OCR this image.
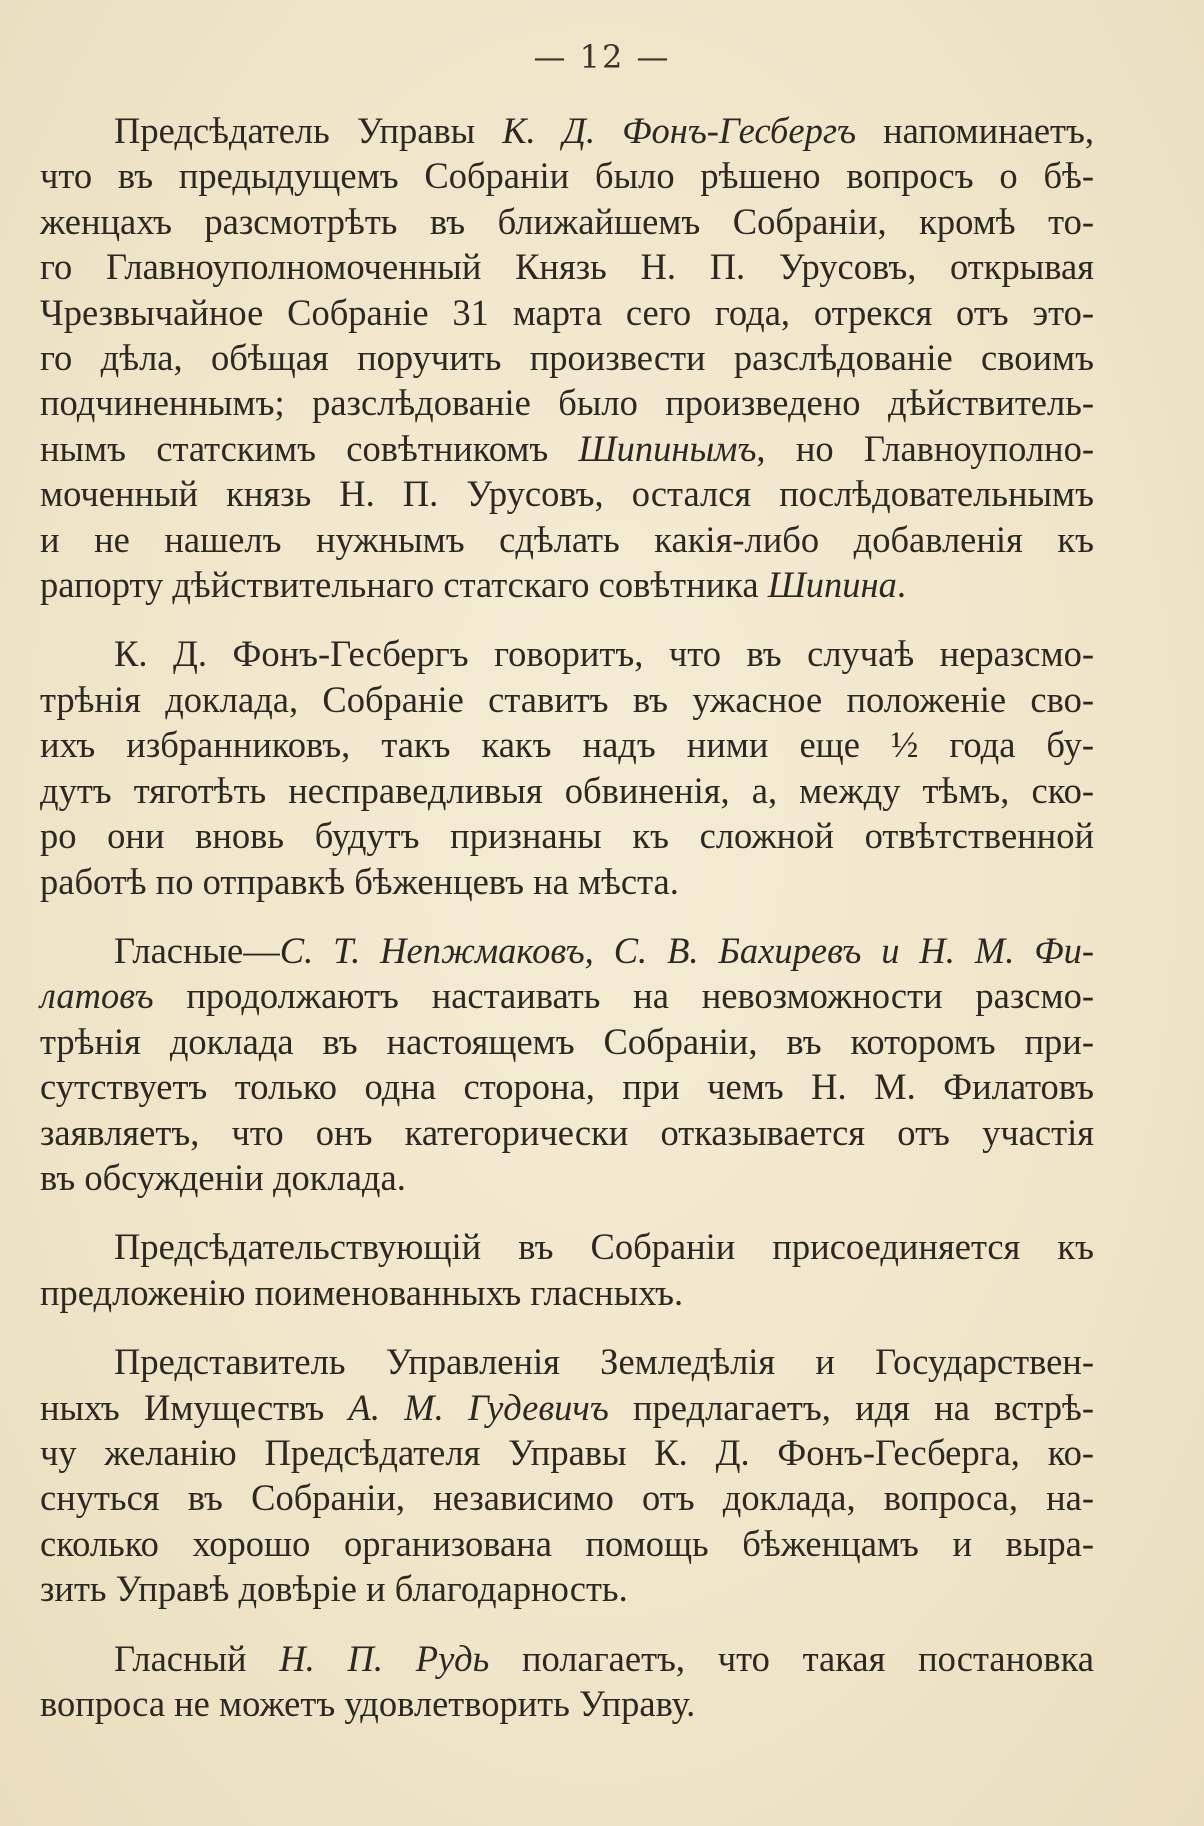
— 12 —

Предсѣдатель Управы К. Д. Фонъ-Гесбергъ напоминаетъ,
что въ предыдущемъ Собраніи было рѣшено вопросъ о бѣ-
женцахъ разсмотрѣть въ ближайшемъ Собраніи, кромѣ то-
го Главноуполномоченный Князь Н. П. Урусовъ, открывая
Чрезвычайное Собраніе 31 марта сего года, отрекся отъ это-
го дѣла, обѣщая поручить произвести разслѣдованіе своимъ
подчиненнымъ; разслѣдованіе было произведено дѣйствитель-
нымъ статскимъ совѣтникомъ Шипинымъ, но Главноуполно-
моченный князь Н. П. Урусовъ, остался послѣдовательнымъ
и не нашелъ нужнымъ сдѣлать какія-либо добавленія къ
рапорту дѣйствительнаго статскаго совѣтника Шипина.

К. Д. Фонъ-Гесбергъ говоритъ, что въ случаѣ неразсмо-
трѣнія доклада, Собраніе ставитъ въ ужасное положеніе сво-
ихъ избранниковъ, такъ какъ надъ ними еще ½ года бу-
дутъ тяготѣть несправедливыя обвиненія, а, между тѣмъ, ско-
ро они вновь будутъ признаны къ сложной отвѣтственной
работѣ по отправкѣ бѣженцевъ на мѣста.

Гласные—С. Т. Непжмаковъ, С. В. Бахиревъ и Н. М. Фи-
латовъ продолжаютъ настаивать на невозможности разсмо-
трѣнія доклада въ настоящемъ Собраніи, въ которомъ при-
сутствуетъ только одна сторона, при чемъ Н. М. Филатовъ
заявляетъ, что онъ категорически отказывается отъ участія
въ обсужденіи доклада.

Предсѣдательствующій въ Собраніи присоединяется къ
предложенію поименованныхъ гласныхъ.

Представитель Управленія Земледѣлія и Государствен-
ныхъ Имуществъ А. М. Гудевичъ предлагаетъ, идя на встрѣ-
чу желанію Предсѣдателя Управы К. Д. Фонъ-Гесберга, ко-
снуться въ Собраніи, независимо отъ доклада, вопроса, на-
сколько хорошо организована помощь бѣженцамъ и выра-
зить Управѣ довѣріе и благодарность.

Гласный Н. П. Рудь полагаетъ, что такая постановка
вопроса не можетъ удовлетворить Управу.
